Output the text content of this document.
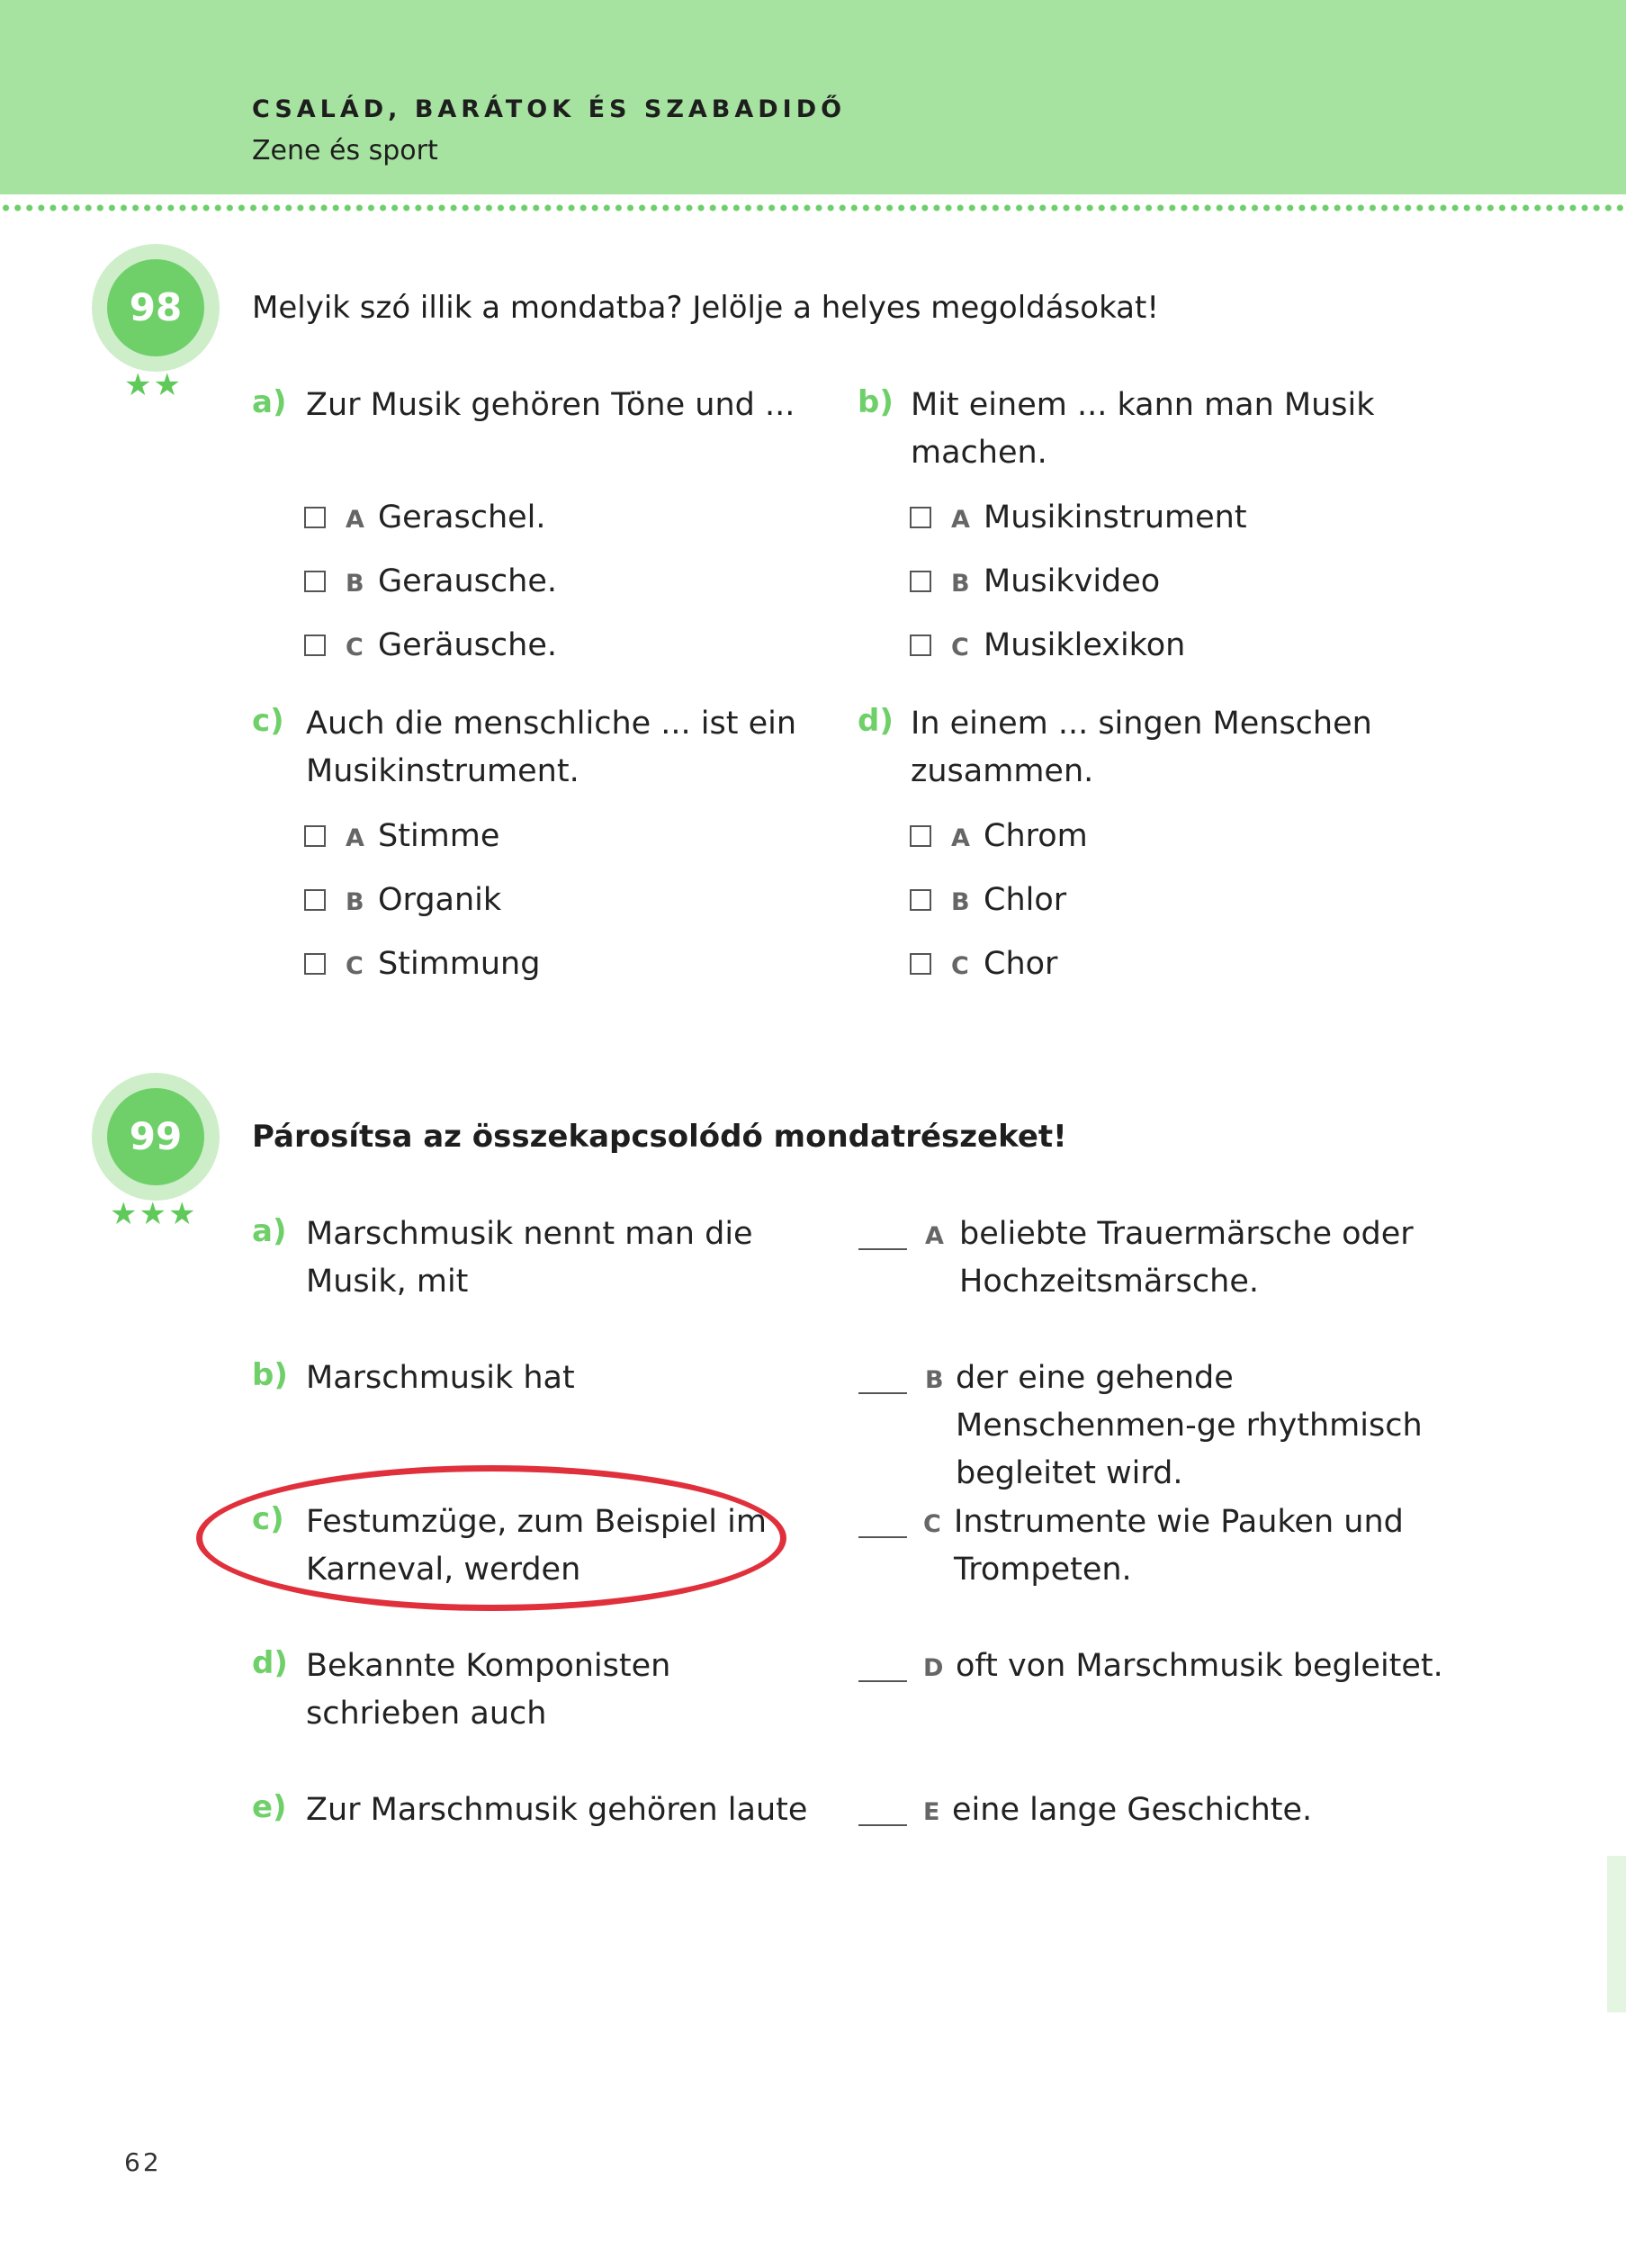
CSALÁD, BARÁTOK ÉS SZABADIDŐ
Zene és sport
98
★★
Melyik szó illik a mondatba? Jelölje a helyes megoldásokat!
a) Zur Musik gehören Töne und ...
A Geraschel.
B Gerausche.
C Geräusche.
b) Mit einem ... kann man Musik machen.
A Musikinstrument
B Musikvideo
C Musiklexikon
c) Auch die menschliche ... ist ein Musikinstrument.
A Stimme
B Organik
C Stimmung
d) In einem ... singen Menschen zusammen.
A Chrom
B Chlor
C Chor
99
★★★
Párosítsa az összekapcsolódó mondatrészeket!
a) Marschmusik nennt man die Musik, mit
b) Marschmusik hat
c) Festumzüge, zum Beispiel im Karneval, werden
d) Bekannte Komponisten schrieben auch
e) Zur Marschmusik gehören laute
A beliebte Trauermärsche oder Hochzeitsmärsche.
B der eine gehende Menschenmen-ge rhythmisch begleitet wird.
C Instrumente wie Pauken und Trompeten.
D oft von Marschmusik begleitet.
E eine lange Geschichte.
62
